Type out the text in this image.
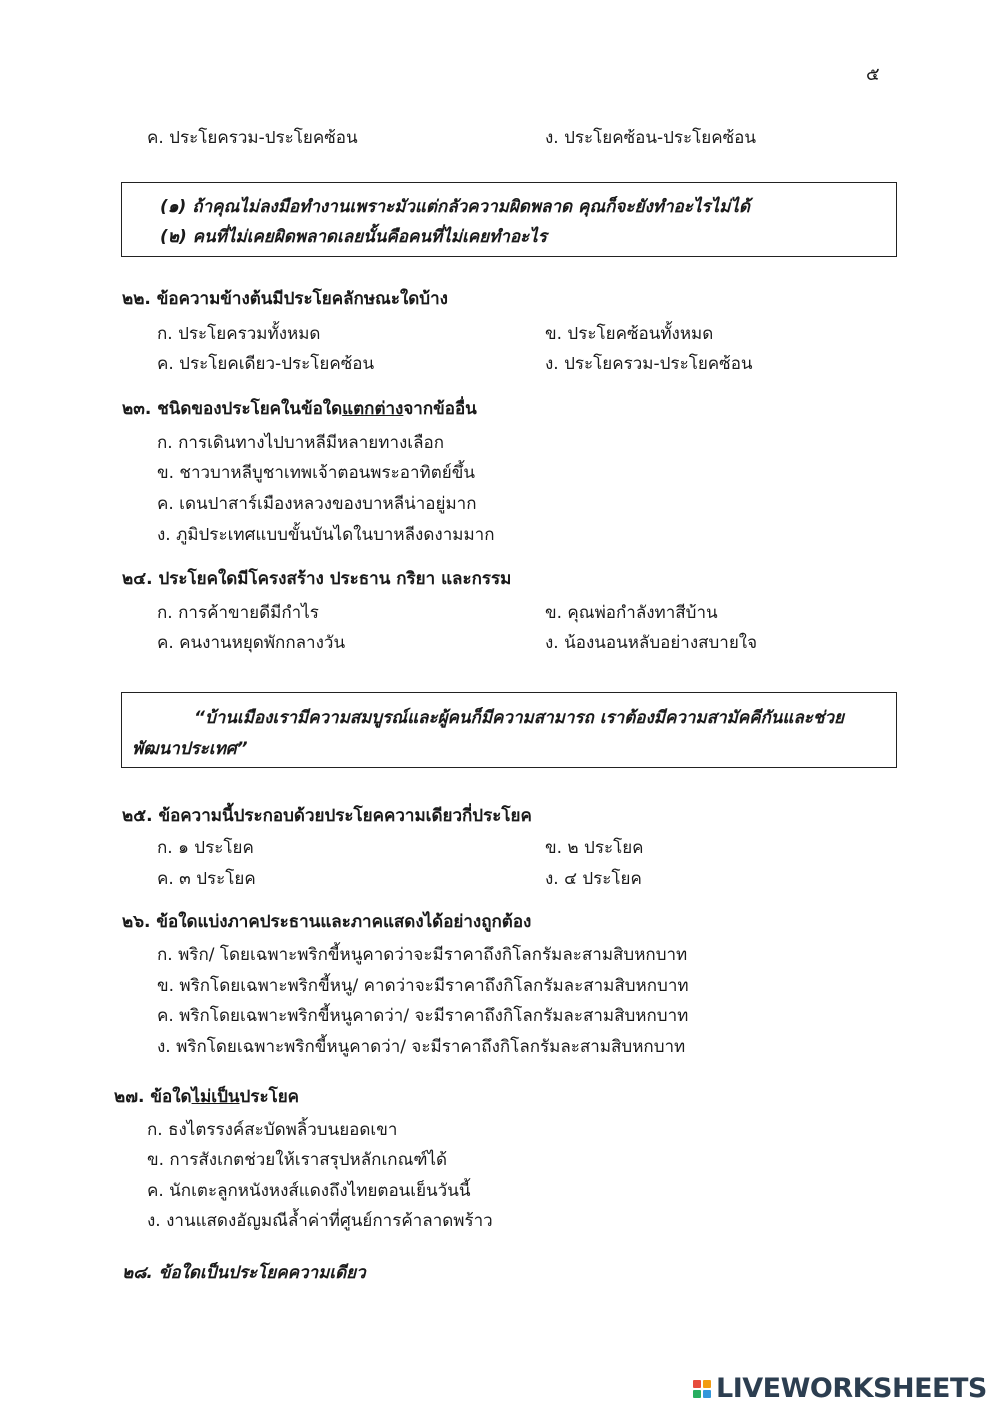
๕
ค. ประโยครวม-ประโยคซ้อน	ง. ประโยคซ้อน-ประโยคซ้อน
(๑) ถ้าคุณไม่ลงมือทำงานเพราะมัวแต่กลัวความผิดพลาด คุณก็จะยังทำอะไรไม่ได้
(๒) คนที่ไม่เคยผิดพลาดเลยนั้นคือคนที่ไม่เคยทำอะไร
๒๒. ข้อความข้างต้นมีประโยคลักษณะใดบ้าง
ก. ประโยครวมทั้งหมด	ข. ประโยคซ้อนทั้งหมด
ค. ประโยคเดียว-ประโยคซ้อน	ง. ประโยครวม-ประโยคซ้อน
๒๓. ชนิดของประโยคในข้อใดแตกต่างจากข้ออื่น
ก. การเดินทางไปบาหลีมีหลายทางเลือก
ข. ชาวบาหลีบูชาเทพเจ้าตอนพระอาทิตย์ขึ้น
ค. เดนปาสาร์เมืองหลวงของบาหลีน่าอยู่มาก
ง. ภูมิประเทศแบบขั้นบันไดในบาหลีงดงามมาก
๒๔. ประโยคใดมีโครงสร้าง ประธาน กริยา และกรรม
ก. การค้าขายดีมีกำไร	ข. คุณพ่อกำลังทาสีบ้าน
ค. คนงานหยุดพักกลางวัน	ง. น้องนอนหลับอย่างสบายใจ
“บ้านเมืองเรามีความสมบูรณ์และผู้คนก็มีความสามารถ เราต้องมีความสามัคคีกันและช่วย
พัฒนาประเทศ”
๒๕. ข้อความนี้ประกอบด้วยประโยคความเดียวกี่ประโยค
ก. ๑ ประโยค	ข. ๒ ประโยค
ค. ๓ ประโยค	ง. ๔ ประโยค
๒๖. ข้อใดแบ่งภาคประธานและภาคแสดงได้อย่างถูกต้อง
ก. พริก/ โดยเฉพาะพริกขี้หนูคาดว่าจะมีราคาถึงกิโลกรัมละสามสิบหกบาท
ข. พริกโดยเฉพาะพริกขี้หนู/ คาดว่าจะมีราคาถึงกิโลกรัมละสามสิบหกบาท
ค. พริกโดยเฉพาะพริกขี้หนูคาดว่า/ จะมีราคาถึงกิโลกรัมละสามสิบหกบาท
ง. พริกโดยเฉพาะพริกขี้หนูคาดว่า/ จะมีราคาถึงกิโลกรัมละสามสิบหกบาท
๒๗. ข้อใดไม่เป็นประโยค
ก. ธงไตรรงค์สะบัดพลิ้วบนยอดเขา
ข. การสังเกตช่วยให้เราสรุปหลักเกณฑ์ได้
ค. นักเตะลูกหนังหงส์แดงถึงไทยตอนเย็นวันนี้
ง. งานแสดงอัญมณีล้ำค่าที่ศูนย์การค้าลาดพร้าว
๒๘. ข้อใดเป็นประโยคความเดียว
LIVEWORKSHEETS
